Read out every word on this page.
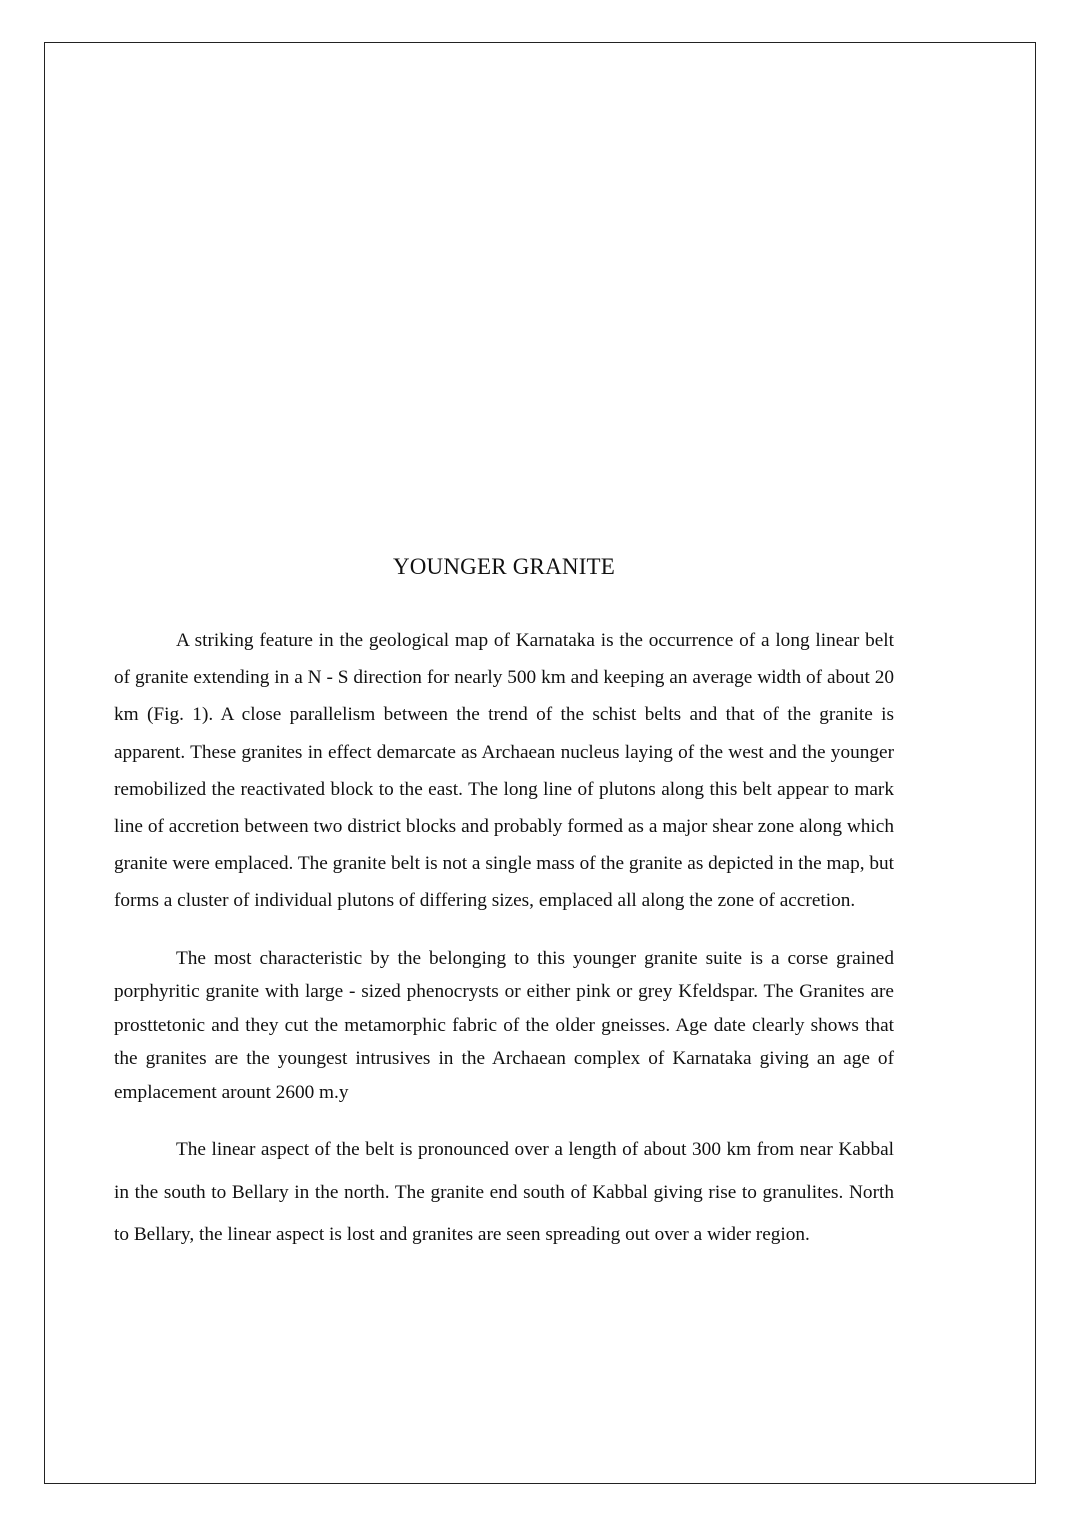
YOUNGER GRANITE

A striking feature in the geological map of Karnataka is the occurrence of a long linear belt of granite extending in a N - S direction for nearly 500 km and keeping an average width of about 20 km (Fig. 1). A close parallelism between the trend of the schist belts and that of the granite is apparent. These granites in effect demarcate as Archaean nucleus laying of the west and the younger remobilized the reactivated block to the east. The long line of plutons along this belt appear to mark line of accretion between two district blocks and probably formed as a major shear zone along which granite were emplaced. The granite belt is not a single mass of the granite as depicted in the map, but forms a cluster of individual plutons of differing sizes, emplaced all along the zone of accretion.

The most characteristic by the belonging to this younger granite suite is a corse grained porphyritic granite with large - sized phenocrysts or either pink or grey Kfeldspar. The Granites are prosttetonic and they cut the metamorphic fabric of the older gneisses. Age date clearly shows that the granites are the youngest intrusives in the Archaean complex of Karnataka giving an age of emplacement arount 2600 m.y

The linear aspect of the belt is pronounced over a length of about 300 km from near Kabbal in the south to Bellary in the north. The granite end south of Kabbal giving rise to granulites. North to Bellary, the linear aspect is lost and granites are seen spreading out over a wider region.
